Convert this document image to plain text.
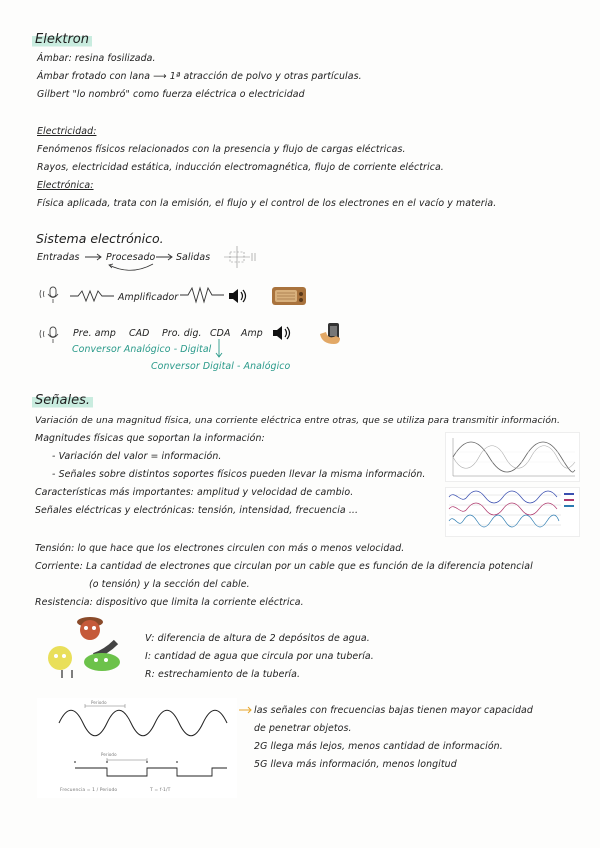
Elektron
Ámbar: resina fosilizada.
Ámbar frotado con lana ⟶ 1ª atracción de polvo y otras partículas.
Gilbert "lo nombró" como fuerza eléctrica o electricidad
Electricidad:
Fenómenos físicos relacionados con la presencia y flujo de cargas eléctricas.
Rayos, electricidad estática, inducción electromagnética, flujo de corriente eléctrica.
Electrónica:
Física aplicada, trata con la emisión, el flujo y el control de los electrones en el vacío y materia.
Sistema electrónico.
Entradas	Procesado Salidas
Amplificador
Pre. amp CAD Pro. dig. CDA Amp
Conversor Analógico - Digital
Conversor Digital - Analógico
Señales.
Variación de una magnitud física, una corriente eléctrica entre otras, que se utiliza para transmitir información.
Magnitudes físicas que soportan la información:
- Variación del valor = información.
- Señales sobre distintos soportes físicos pueden llevar la misma información.
Características más importantes: amplitud y velocidad de cambio.
Señales eléctricas y electrónicas: tensión, intensidad, frecuencia ...
Tensión: lo que hace que los electrones circulen con más o menos velocidad.
Corriente: La cantidad de electrones que circulan por un cable que es función de la diferencia potencial
(o tensión) y la sección del cable.
Resistencia: dispositivo que limita la corriente eléctrica.
V: diferencia de altura de 2 depósitos de agua.
I: cantidad de agua que circula por una tubería.
R: estrechamiento de la tubería.
Periodo
Periodo
Frecuencia = 1 / Periodo	T = f·1/T
las señales con frecuencias bajas tienen mayor capacidad
de penetrar objetos.
2G llega más lejos, menos cantidad de información.
5G lleva más información, menos longitud
